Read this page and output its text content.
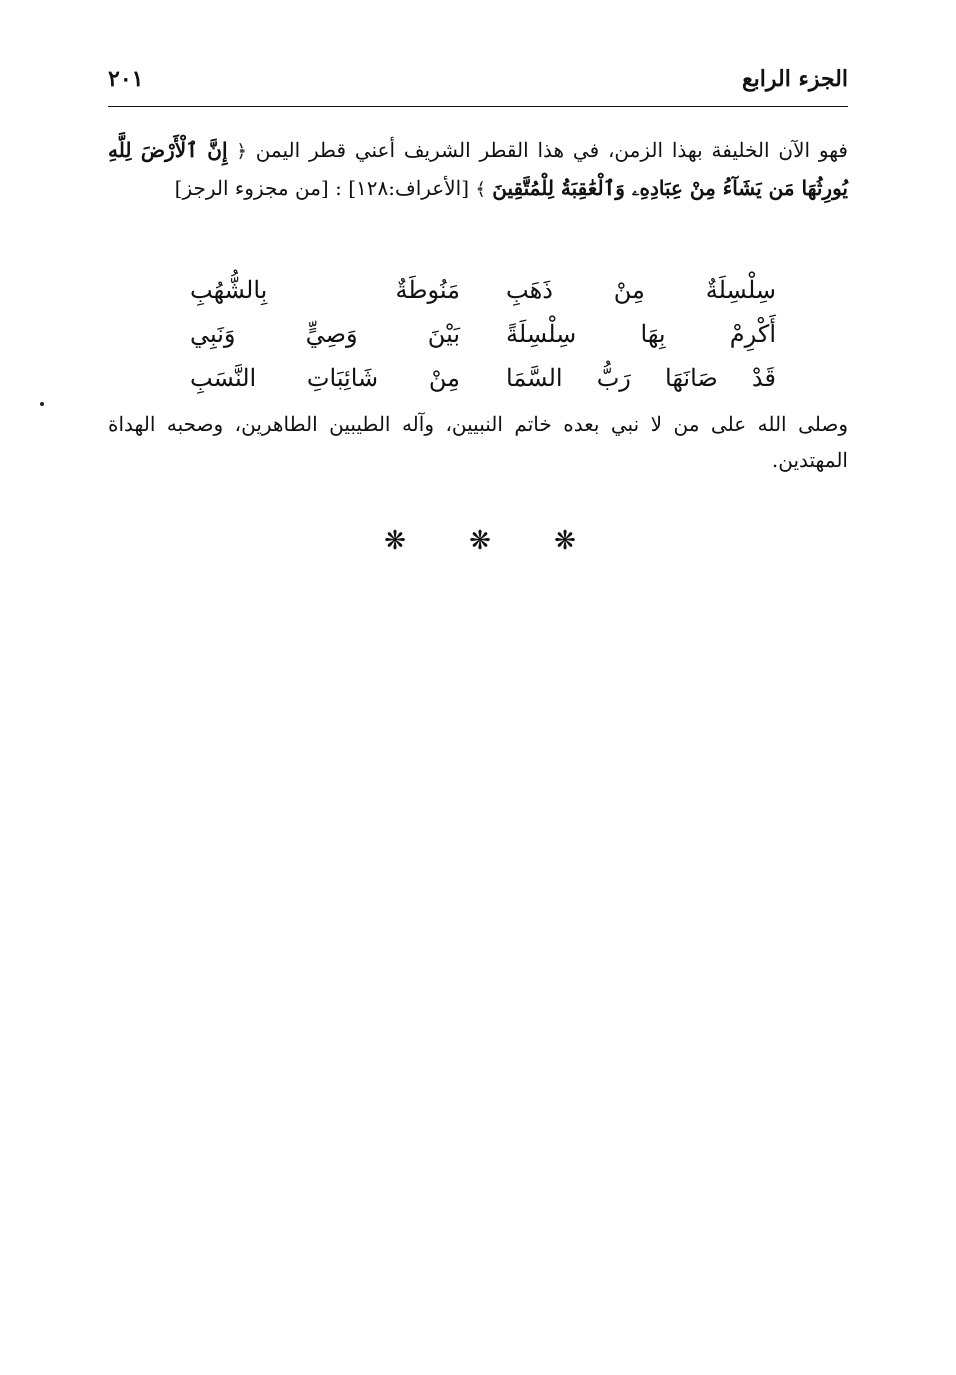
الجزء الرابع
٢٠١
فهو الآن الخليفة بهذا الزمن، في هذا القطر الشريف أعني قطر اليمن ﴿ إِنَّ ٱلْأَرْضَ لِلَّهِ يُورِثُهَا مَن يَشَآءُ مِنْ عِبَادِهِۦ وَٱلْعَٰقِبَةُ لِلْمُتَّقِينَ ﴾ [الأعراف:١٢٨] : [من مجزوء الرجز]
سِلْسِلَةٌ مِنْ ذَهَبِ
مَنُوطَةٌ بِالشُّهُبِ
أَكْرِمْ بِهَا سِلْسِلَةً
بَيْنَ وَصِيٍّ وَنَبِي
قَدْ صَانَهَا رَبُّ السَّمَا
مِنْ شَائِبَاتِ النَّسَبِ
وصلى الله على من لا نبي بعده خاتم النبيين، وآله الطيبين الطاهرين، وصحبه الهداة المهتدين.
❋	❋	❋
